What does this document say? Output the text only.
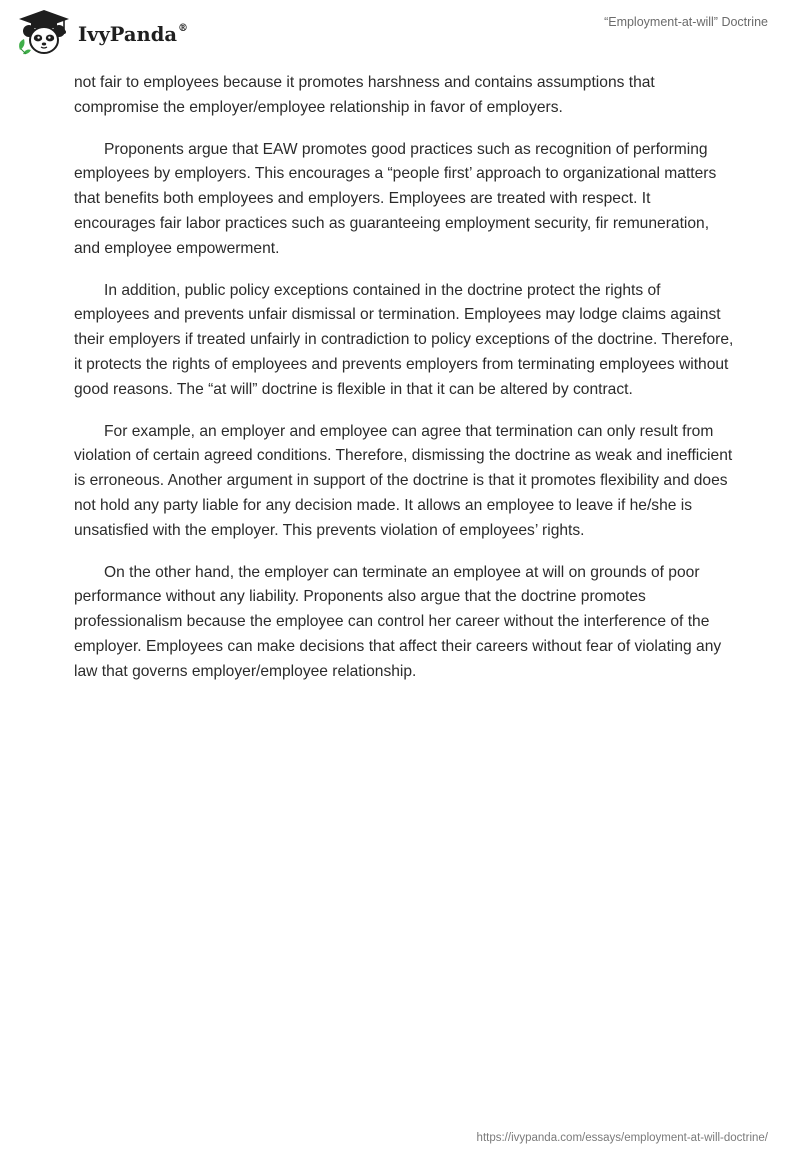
IvyPanda®	“Employment-at-will” Doctrine

not fair to employees because it promotes harshness and contains assumptions that compromise the employer/employee relationship in favor of employers.

Proponents argue that EAW promotes good practices such as recognition of performing employees by employers. This encourages a “people first’ approach to organizational matters that benefits both employees and employers. Employees are treated with respect. It encourages fair labor practices such as guaranteeing employment security, fir remuneration, and employee empowerment.

In addition, public policy exceptions contained in the doctrine protect the rights of employees and prevents unfair dismissal or termination. Employees may lodge claims against their employers if treated unfairly in contradiction to policy exceptions of the doctrine. Therefore, it protects the rights of employees and prevents employers from terminating employees without good reasons. The “at will” doctrine is flexible in that it can be altered by contract.

For example, an employer and employee can agree that termination can only result from violation of certain agreed conditions. Therefore, dismissing the doctrine as weak and inefficient is erroneous. Another argument in support of the doctrine is that it promotes flexibility and does not hold any party liable for any decision made. It allows an employee to leave if he/she is unsatisfied with the employer. This prevents violation of employees’ rights.

On the other hand, the employer can terminate an employee at will on grounds of poor performance without any liability. Proponents also argue that the doctrine promotes professionalism because the employee can control her career without the interference of the employer. Employees can make decisions that affect their careers without fear of violating any law that governs employer/employee relationship.

https://ivypanda.com/essays/employment-at-will-doctrine/
